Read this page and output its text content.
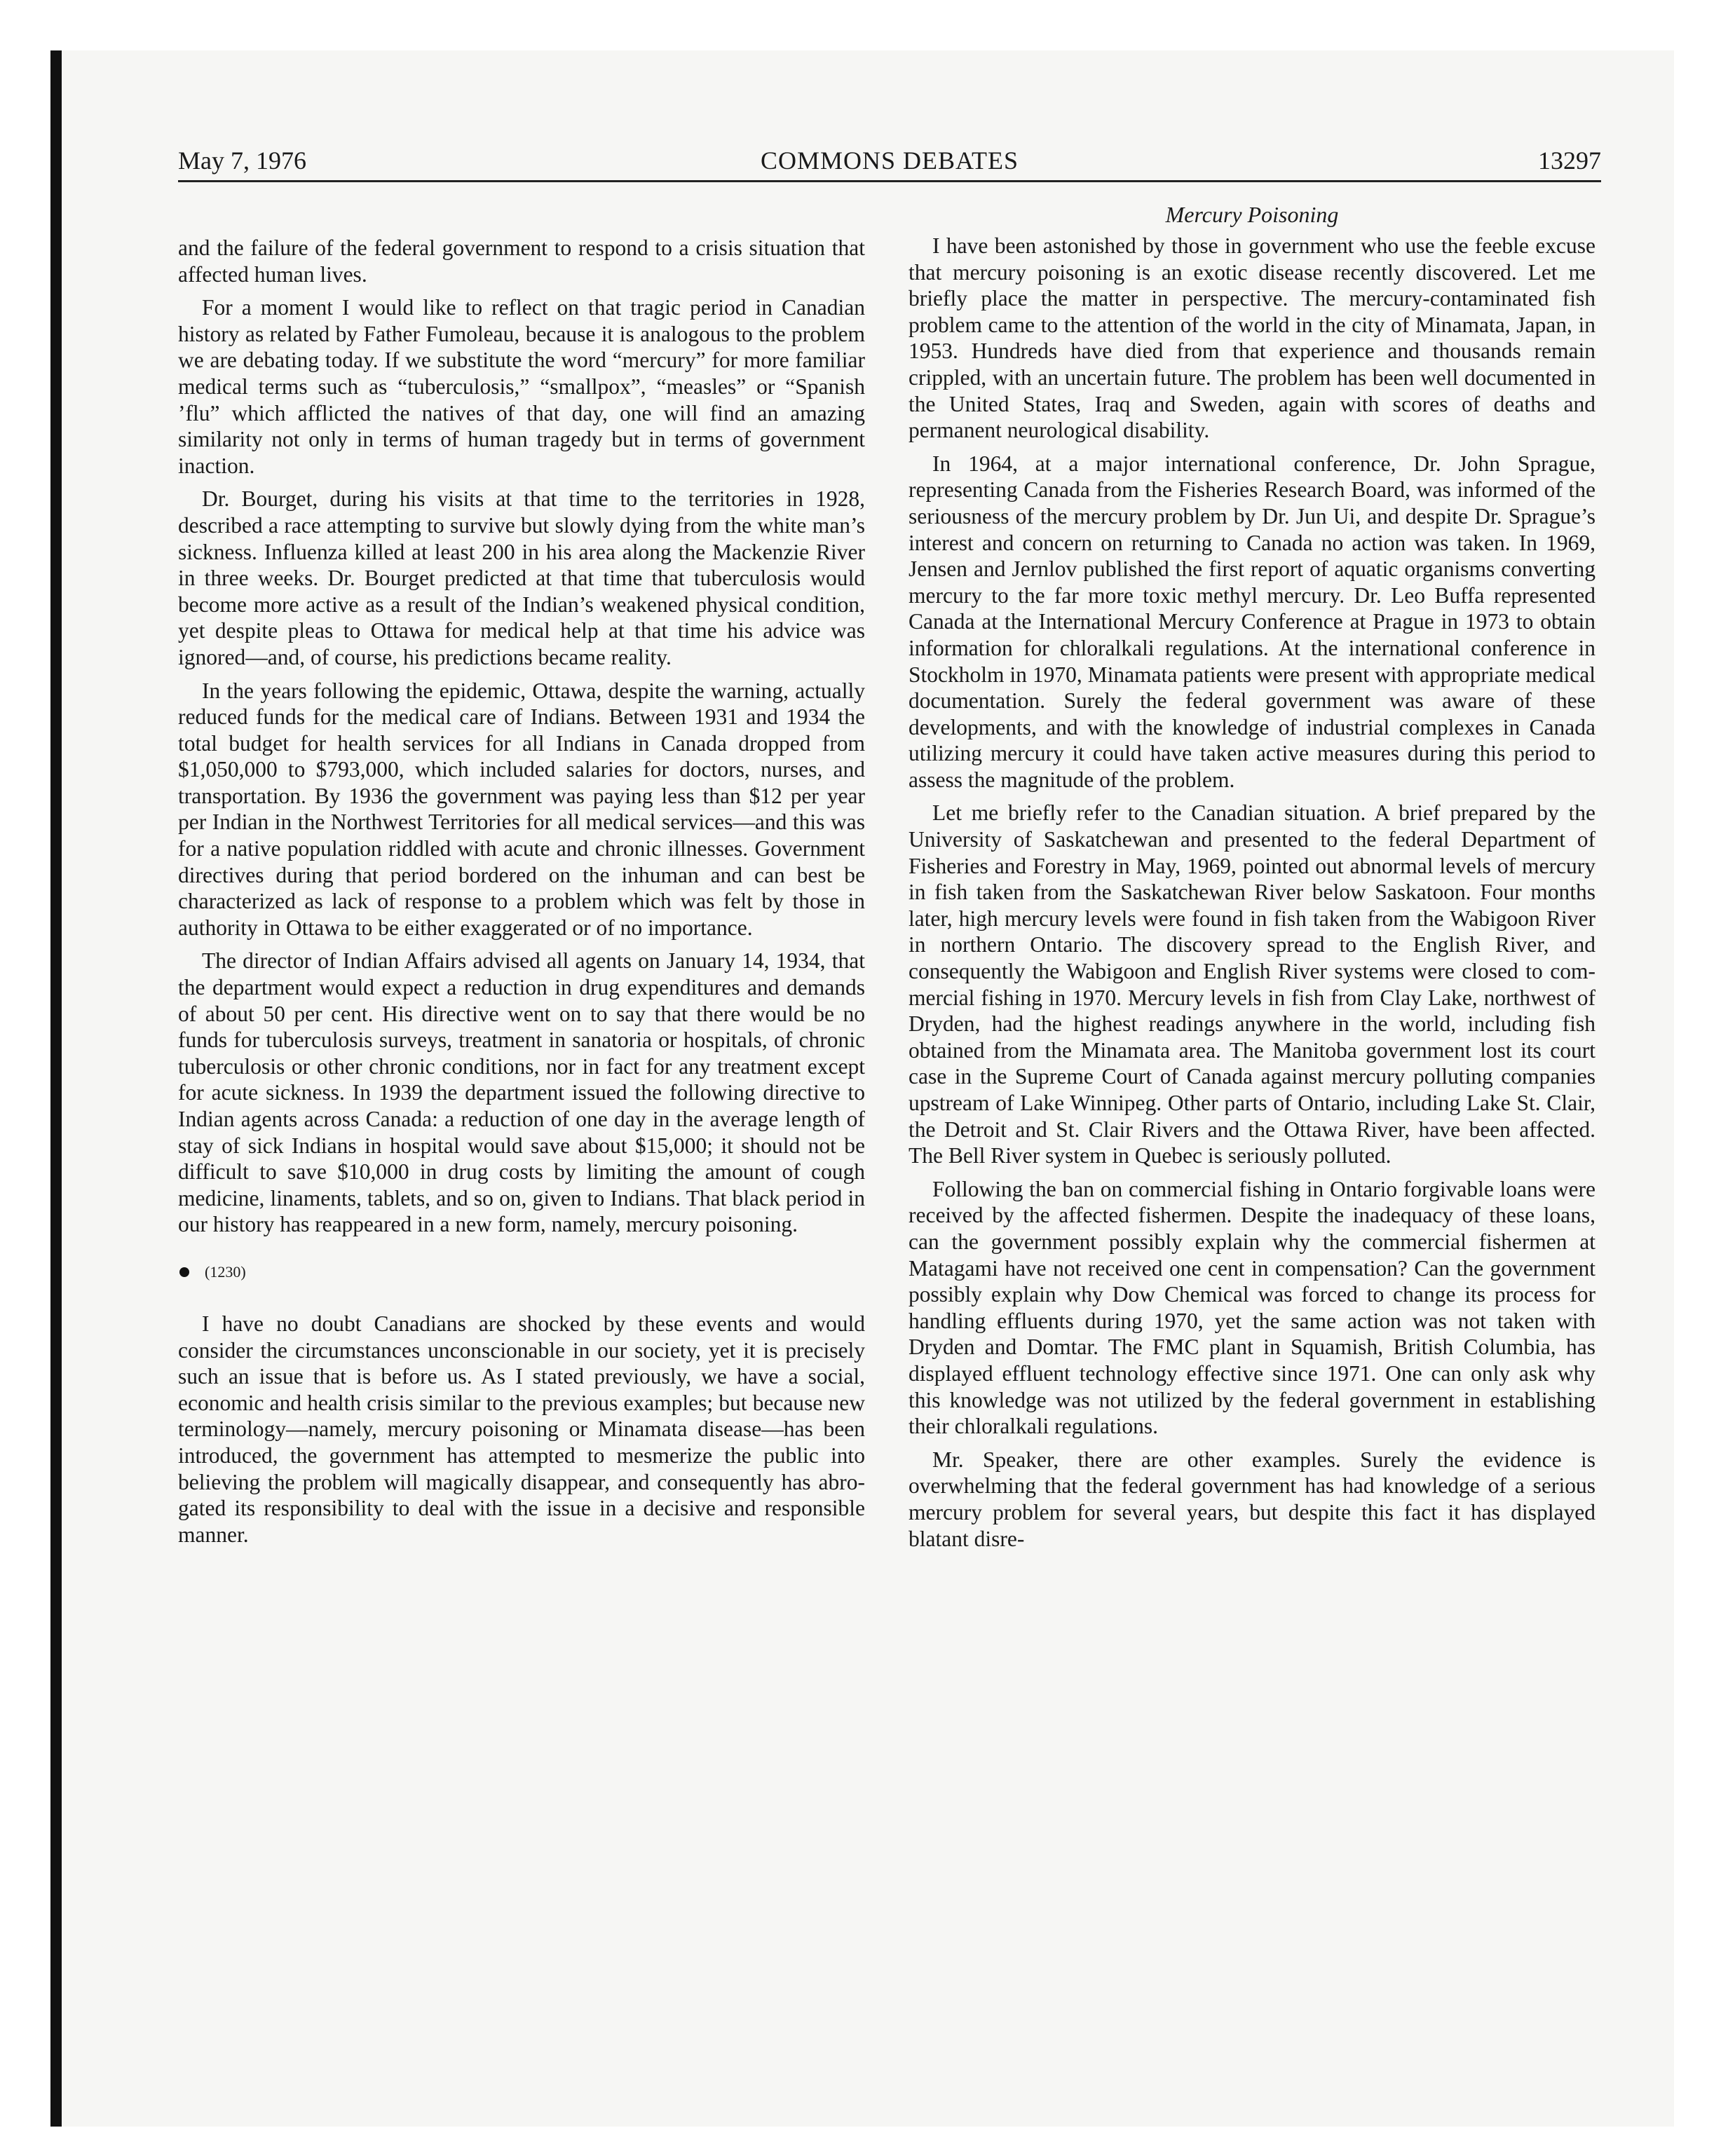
May 7, 1976	COMMONS DEBATES	13297

and the failure of the federal government to respond to a crisis situation that affected human lives.

For a moment I would like to reflect on that tragic period in Canadian history as related by Father Fumoleau, because it is analogous to the problem we are debating today. If we substitute the word “mercury” for more familiar medical terms such as “tuberculosis,” “smallpox”, “measles” or “Spanish ’flu” which afflicted the natives of that day, one will find an amazing similarity not only in terms of human tragedy but in terms of government inaction.

Dr. Bourget, during his visits at that time to the territories in 1928, described a race attempting to survive but slowly dying from the white man’s sickness. Influenza killed at least 200 in his area along the Mackenzie River in three weeks. Dr. Bourget predicted at that time that tuberculosis would become more active as a result of the Indian’s weakened physical condition, yet despite pleas to Ottawa for medical help at that time his advice was ignored—and, of course, his predictions became reality.

In the years following the epidemic, Ottawa, despite the warning, actually reduced funds for the medical care of Indians. Between 1931 and 1934 the total budget for health services for all Indians in Canada dropped from $1,050,000 to $793,000, which included salaries for doctors, nurses, and transportation. By 1936 the government was paying less than $12 per year per Indian in the Northwest Territories for all medical services—and this was for a native population riddled with acute and chronic illnesses. Government directives during that period bordered on the inhuman and can best be characterized as lack of response to a problem which was felt by those in authority in Ottawa to be either exaggerated or of no importance.

The director of Indian Affairs advised all agents on January 14, 1934, that the department would expect a reduction in drug expenditures and demands of about 50 per cent. His directive went on to say that there would be no funds for tuberculosis surveys, treatment in sanatoria or hospitals, of chronic tuberculosis or other chronic conditions, nor in fact for any treatment except for acute sickness. In 1939 the department issued the following directive to Indian agents across Canada: a reduction of one day in the average length of stay of sick Indians in hospital would save about $15,000; it should not be difficult to save $10,000 in drug costs by limiting the amount of cough medicine, linaments, tablets, and so on, given to Indians. That black period in our history has reappeared in a new form, namely, mercury poisoning.

(1230)

I have no doubt Canadians are shocked by these events and would consider the circumstances unconscionable in our society, yet it is precisely such an issue that is before us. As I stated previously, we have a social, economic and health crisis similar to the previous examples; but because new terminology—namely, mercury poisoning or Minamata disease—has been introduced, the government has attempted to mesmerize the public into believing the problem will magically disappear, and consequently has abrogated its responsibility to deal with the issue in a decisive and responsible manner.

Mercury Poisoning

I have been astonished by those in government who use the feeble excuse that mercury poisoning is an exotic disease recently discovered. Let me briefly place the matter in perspective. The mercury-contaminated fish problem came to the attention of the world in the city of Minamata, Japan, in 1953. Hundreds have died from that experience and thousands remain crippled, with an uncertain future. The problem has been well documented in the United States, Iraq and Sweden, again with scores of deaths and permanent neurological disability.

In 1964, at a major international conference, Dr. John Sprague, representing Canada from the Fisheries Research Board, was informed of the seriousness of the mercury problem by Dr. Jun Ui, and despite Dr. Sprague’s interest and concern on returning to Canada no action was taken. In 1969, Jensen and Jernlov published the first report of aquatic organisms converting mercury to the far more toxic methyl mercury. Dr. Leo Buffa represented Canada at the International Mercury Conference at Prague in 1973 to obtain information for chloralkali regulations. At the international conference in Stockholm in 1970, Minamata patients were present with appropriate medical documentation. Surely the federal government was aware of these developments, and with the knowledge of industrial complexes in Canada utilizing mercury it could have taken active measures during this period to assess the magnitude of the problem.

Let me briefly refer to the Canadian situation. A brief prepared by the University of Saskatchewan and presented to the federal Department of Fisheries and Forestry in May, 1969, pointed out abnormal levels of mercury in fish taken from the Saskatchewan River below Saskatoon. Four months later, high mercury levels were found in fish taken from the Wabigoon River in northern Ontario. The discovery spread to the English River, and consequently the Wabigoon and English River systems were closed to commercial fishing in 1970. Mercury levels in fish from Clay Lake, northwest of Dryden, had the highest readings anywhere in the world, including fish obtained from the Minamata area. The Manitoba government lost its court case in the Supreme Court of Canada against mercury polluting companies upstream of Lake Winnipeg. Other parts of Ontario, including Lake St. Clair, the Detroit and St. Clair Rivers and the Ottawa River, have been affected. The Bell River system in Quebec is seriously polluted.

Following the ban on commercial fishing in Ontario forgivable loans were received by the affected fishermen. Despite the inadequacy of these loans, can the government possibly explain why the commercial fishermen at Matagami have not received one cent in compensation? Can the government possibly explain why Dow Chemical was forced to change its process for handling effluents during 1970, yet the same action was not taken with Dryden and Domtar. The FMC plant in Squamish, British Columbia, has displayed effluent technology effective since 1971. One can only ask why this knowledge was not utilized by the federal government in establishing their chloralkali regulations.

Mr. Speaker, there are other examples. Surely the evidence is overwhelming that the federal government has had knowledge of a serious mercury problem for several years, but despite this fact it has displayed blatant disre-
